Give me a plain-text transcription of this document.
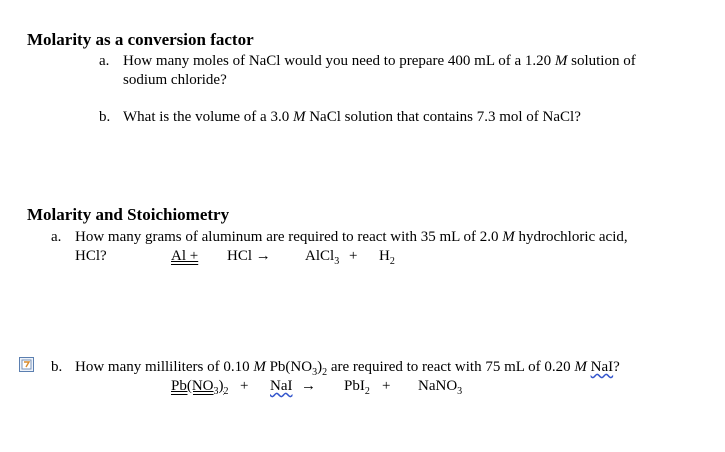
Molarity as a conversion factor
a. How many moles of NaCl would you need to prepare 400 mL of a 1.20 M solution of
sodium chloride?
b. What is the volume of a 3.0 M NaCl solution that contains 7.3 mol of NaCl?
Molarity and Stoichiometry
a. How many grams of aluminum are required to react with 35 mL of 2.0 M hydrochloric acid,
HCl?	Al + HCl → AlCl$_3$ + $H_2$
b. How many milliliters of 0.10 M $Pb(NO_3)_2$ are required to react with 75 mL of 0.20 M NaI?
$Pb(NO_3)_2$ + NaI → PbI$_2$ + NaNO$_3$
